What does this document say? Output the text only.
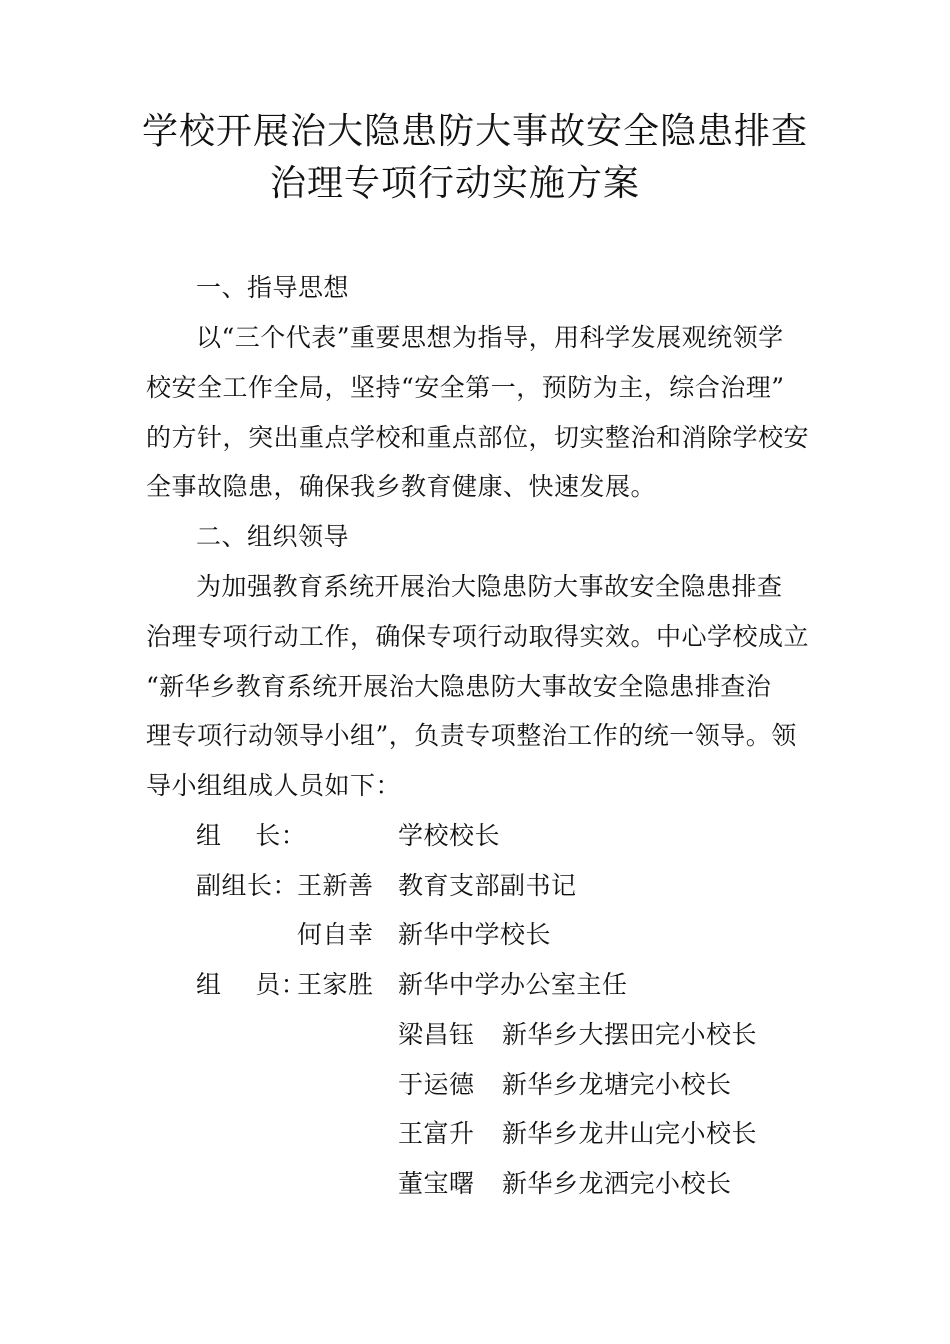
学校开展治大隐患防大事故安全隐患排查
治理专项行动实施方案
一、指导思想
以“三个代表”重要思想为指导，用科学发展观统领学
校安全工作全局，坚持“安全第一，预防为主，综合治理”
的方针，突出重点学校和重点部位，切实整治和消除学校安
全事故隐患，确保我乡教育健康、快速发展。
二、组织领导
为加强教育系统开展治大隐患防大事故安全隐患排查
治理专项行动工作，确保专项行动取得实效。中心学校成立
“新华乡教育系统开展治大隐患防大事故安全隐患排查治
理专项行动领导小组”，负责专项整治工作的统一领导。领
导小组组成人员如下：
组    长：	学校校长
副组长：
王新善 教育支部副书记
何自幸 新华中学校长
组    员：
王家胜 新华中学办公室主任
梁昌钰 新华乡大摆田完小校长
于运德 新华乡龙塘完小校长
王富升 新华乡龙井山完小校长
董宝曙 新华乡龙洒完小校长
